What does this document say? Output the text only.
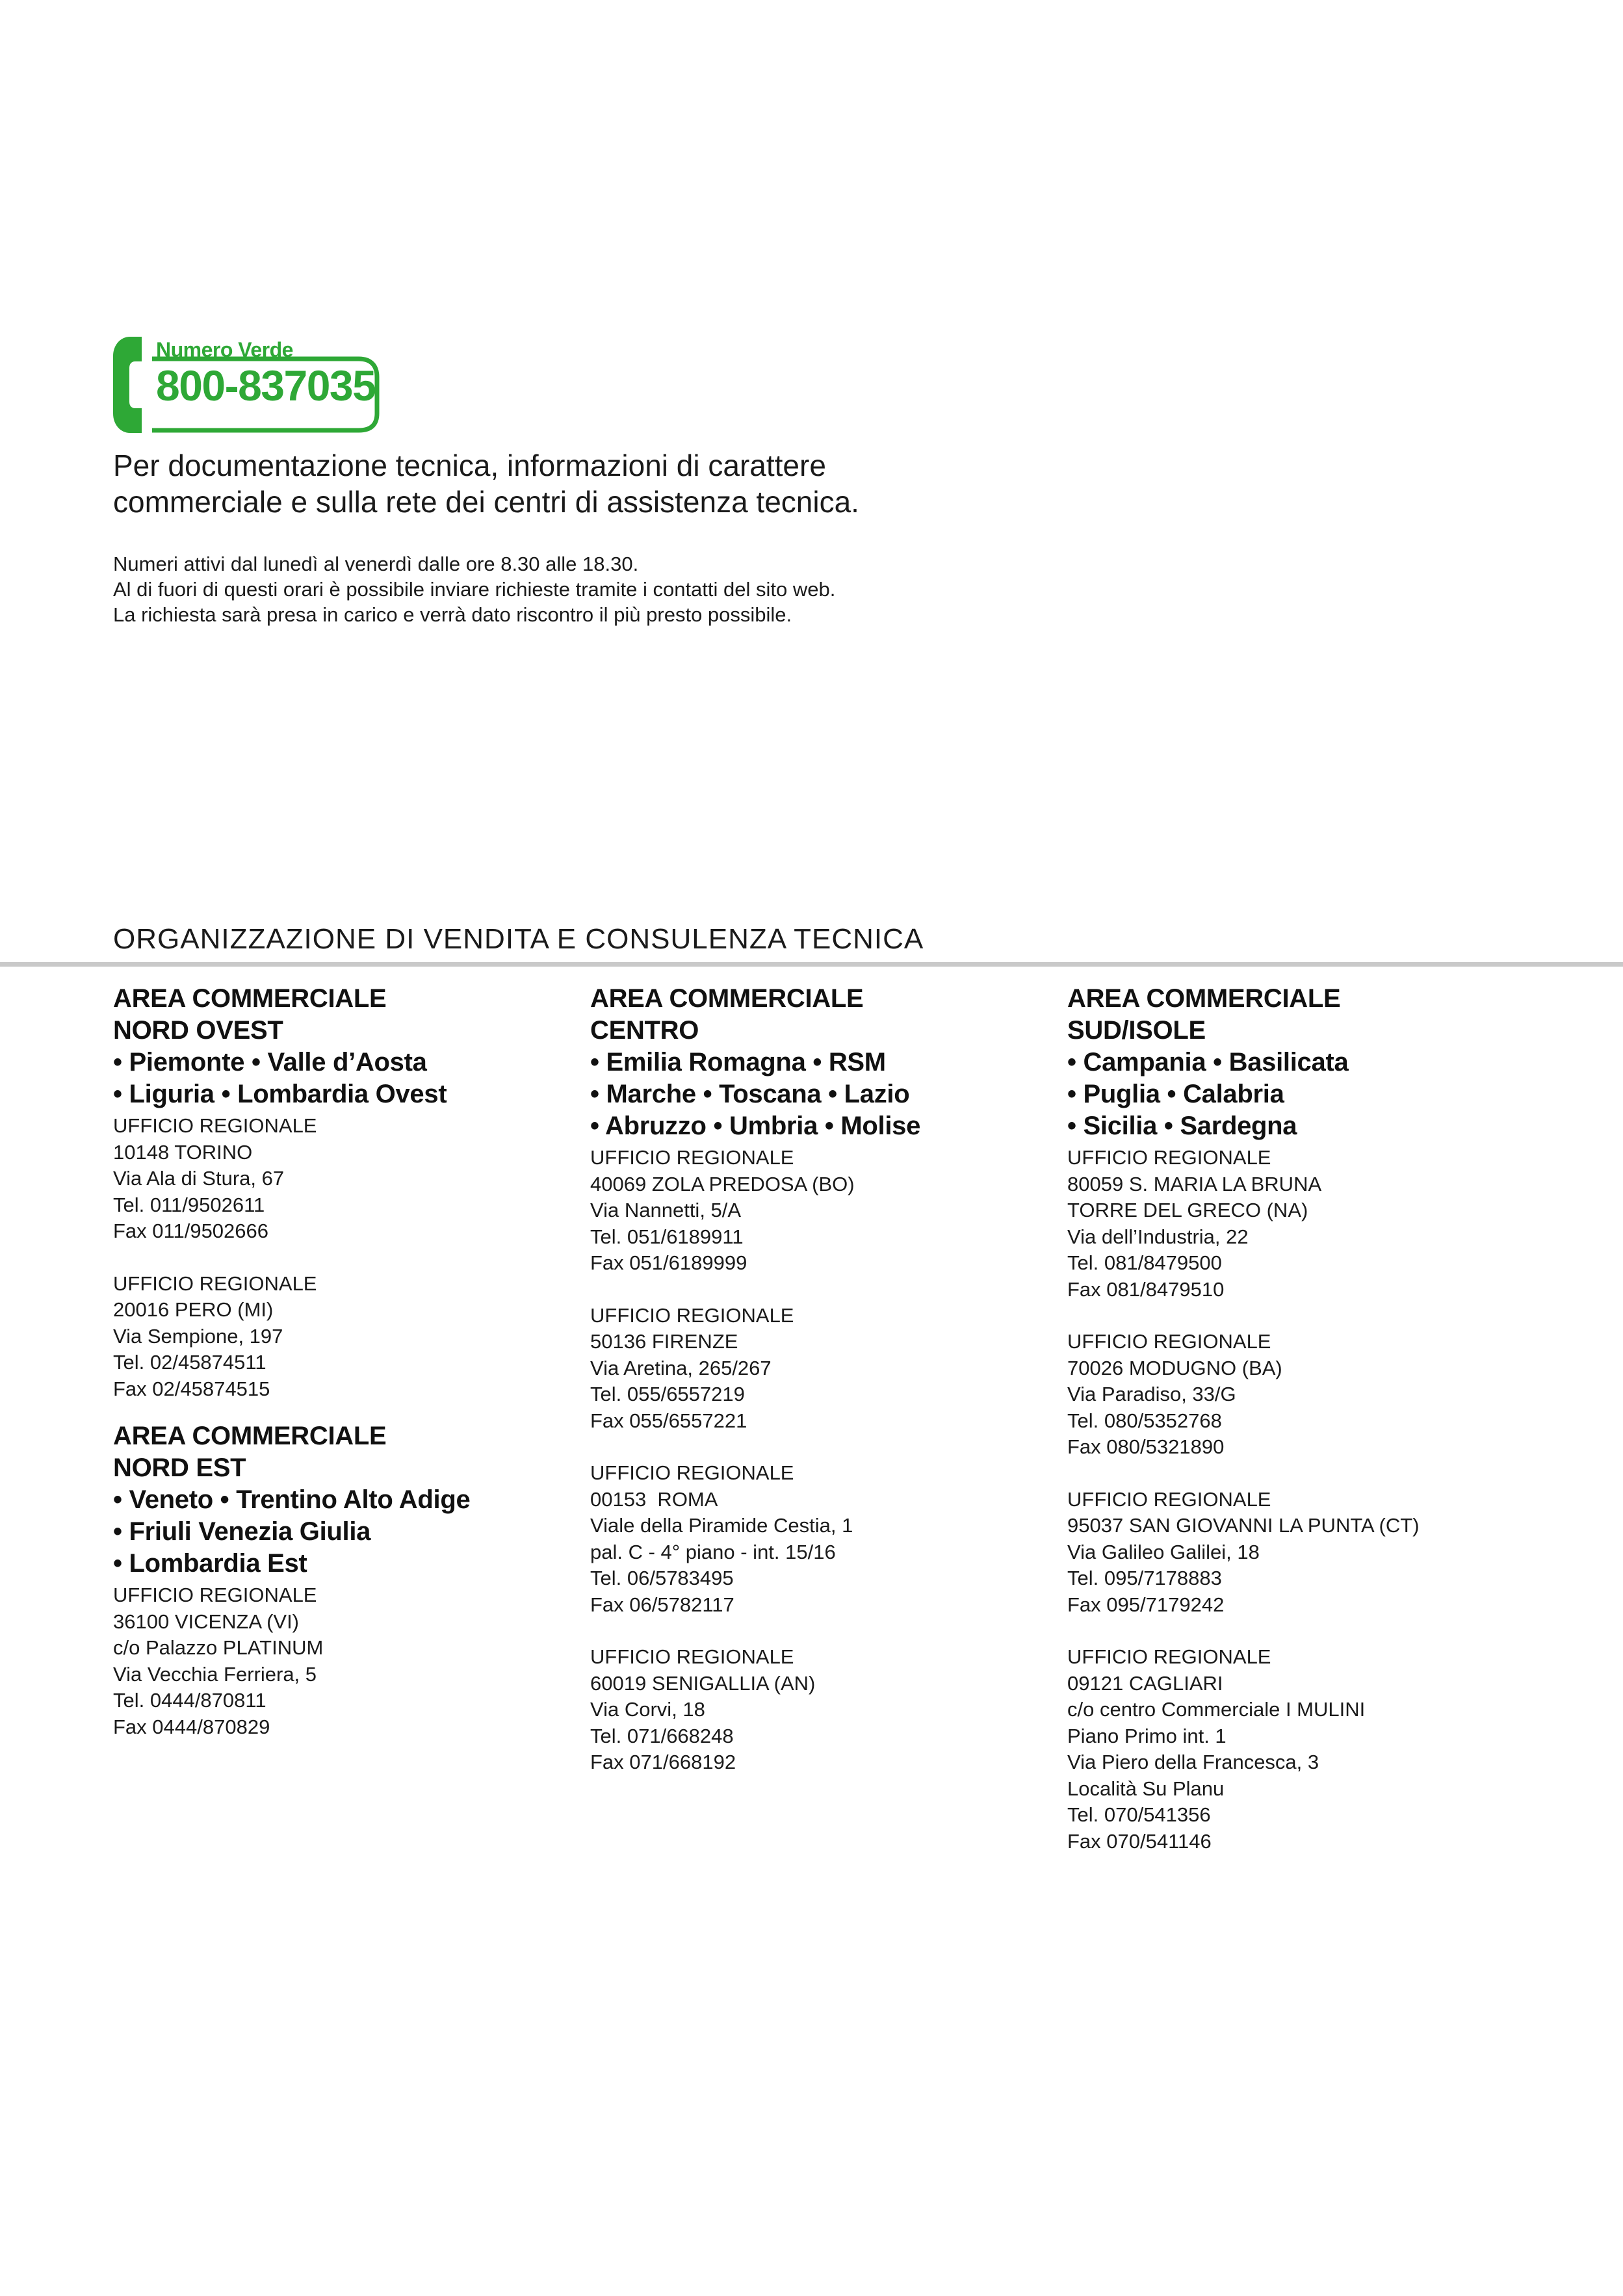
Numero Verde
800-837035
Per documentazione tecnica, informazioni di carattere
commerciale e sulla rete dei centri di assistenza tecnica.
Numeri attivi dal lunedì al venerdì dalle ore 8.30 alle 18.30.
Al di fuori di questi orari è possibile inviare richieste tramite i contatti del sito web.
La richiesta sarà presa in carico e verrà dato riscontro il più presto possibile.
ORGANIZZAZIONE DI VENDITA E CONSULENZA TECNICA
AREA COMMERCIALE
NORD OVEST
• Piemonte • Valle d’Aosta
• Liguria • Lombardia Ovest
UFFICIO REGIONALE
10148 TORINO
Via Ala di Stura, 67
Tel. 011/9502611
Fax 011/9502666
UFFICIO REGIONALE
20016 PERO (MI)
Via Sempione, 197
Tel. 02/45874511
Fax 02/45874515
AREA COMMERCIALE
NORD EST
• Veneto • Trentino Alto Adige
• Friuli Venezia Giulia
• Lombardia Est
UFFICIO REGIONALE
36100 VICENZA (VI)
c/o Palazzo PLATINUM
Via Vecchia Ferriera, 5
Tel. 0444/870811
Fax 0444/870829
AREA COMMERCIALE
CENTRO
• Emilia Romagna • RSM
• Marche • Toscana • Lazio
• Abruzzo • Umbria • Molise
UFFICIO REGIONALE
40069 ZOLA PREDOSA (BO)
Via Nannetti, 5/A
Tel. 051/6189911
Fax 051/6189999
UFFICIO REGIONALE
50136 FIRENZE
Via Aretina, 265/267
Tel. 055/6557219
Fax 055/6557221
UFFICIO REGIONALE
00153  ROMA
Viale della Piramide Cestia, 1
pal. C - 4° piano - int. 15/16
Tel. 06/5783495
Fax 06/5782117
UFFICIO REGIONALE
60019 SENIGALLIA (AN)
Via Corvi, 18
Tel. 071/668248
Fax 071/668192
AREA COMMERCIALE
SUD/ISOLE
• Campania • Basilicata
• Puglia • Calabria
• Sicilia • Sardegna
UFFICIO REGIONALE
80059 S. MARIA LA BRUNA
TORRE DEL GRECO (NA)
Via dell’Industria, 22
Tel. 081/8479500
Fax 081/8479510
UFFICIO REGIONALE
70026 MODUGNO (BA)
Via Paradiso, 33/G
Tel. 080/5352768
Fax 080/5321890
UFFICIO REGIONALE
95037 SAN GIOVANNI LA PUNTA (CT)
Via Galileo Galilei, 18
Tel. 095/7178883
Fax 095/7179242
UFFICIO REGIONALE
09121 CAGLIARI
c/o centro Commerciale I MULINI
Piano Primo int. 1
Via Piero della Francesca, 3
Località Su Planu
Tel. 070/541356
Fax 070/541146
